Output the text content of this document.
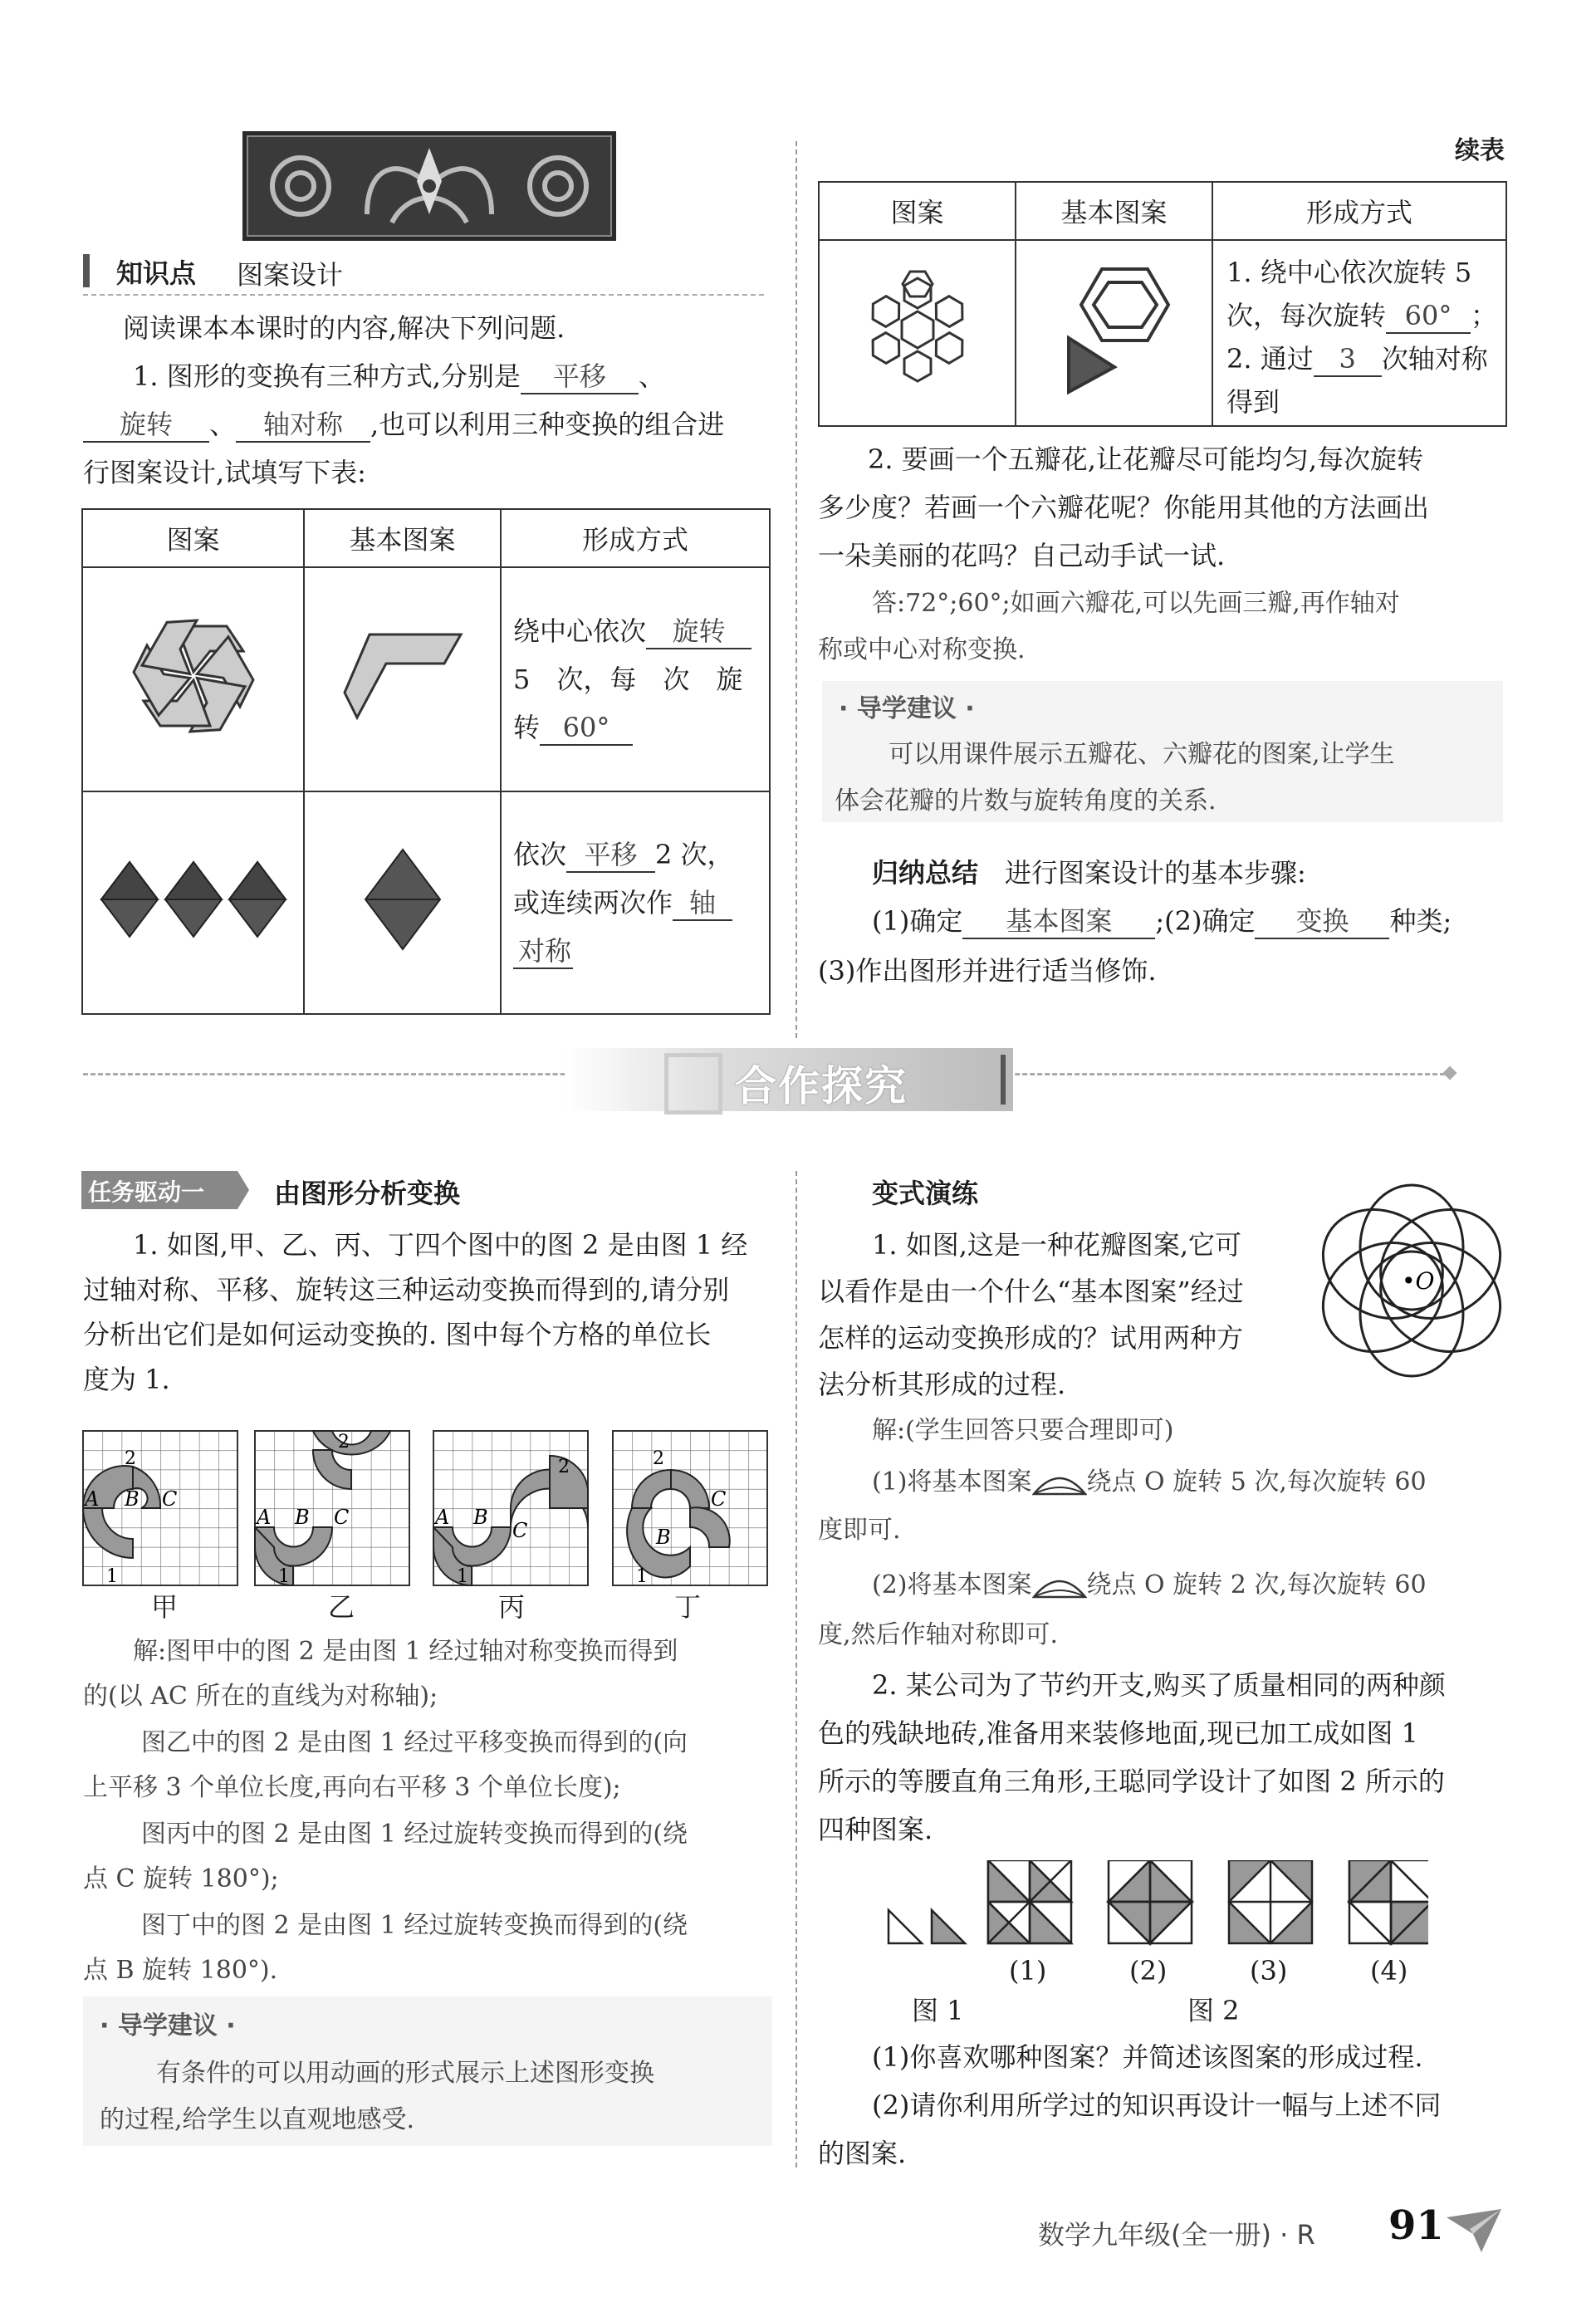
知识点 图案设计
阅读课本本课时的内容,解决下列问题.
1. 图形的变换有三种方式,分别是 平移 、
旋转 、 轴对称 ,也可以利用三种变换的组合进
行图案设计,试填写下表:
图案	基本图案	形成方式

绕中心依次 旋转
5　次，每　次　旋
转 60°

依次 平移 2 次，
或连续两次作 轴
对称
续表
图案	基本图案	形成方式

1. 绕中心依次旋转 5
次，每次旋转 60° ；
2. 通过 3 次轴对称
得到
2. 要画一个五瓣花,让花瓣尽可能均匀,每次旋转
多少度？若画一个六瓣花呢？你能用其他的方法画出
一朵美丽的花吗？自己动手试一试.
答:72°;60°;如画六瓣花,可以先画三瓣,再作轴对
称或中心对称变换.
· 导学建议 ·
可以用课件展示五瓣花、六瓣花的图案,让学生
体会花瓣的片数与旋转角度的关系.
归纳总结　 进行图案设计的基本步骤:
(1)确定 基本图案 ;(2)确定 变换 种类;
(3)作出图形并进行适当修饰.
合作探究
任务驱动一	由图形分析变换
1. 如图,甲、乙、丙、丁四个图中的图 2 是由图 1 经
过轴对称、平移、旋转这三种运动变换而得到的,请分别
分析出它们是如何运动变换的. 图中每个方格的单位长
度为 1.
A B C
2
1
A B C
2
1
A B
C
2
1
B
C
2
1
甲	乙	丙	丁
解:图甲中的图 2 是由图 1 经过轴对称变换而得到
的(以 AC 所在的直线为对称轴);
图乙中的图 2 是由图 1 经过平移变换而得到的(向
上平移 3 个单位长度,再向右平移 3 个单位长度);
图丙中的图 2 是由图 1 经过旋转变换而得到的(绕
点 C 旋转 180°);
图丁中的图 2 是由图 1 经过旋转变换而得到的(绕
点 B 旋转 180°).
· 导学建议 ·
有条件的可以用动画的形式展示上述图形变换
的过程,给学生以直观地感受.
变式演练
1. 如图,这是一种花瓣图案,它可
以看作是由一个什么“基本图案”经过
怎样的运动变换形成的？试用两种方
法分析其形成的过程.
•O
解:(学生回答只要合理即可)
(1)将基本图案 绕点 O 旋转 5 次,每次旋转 60
度即可.
(2)将基本图案 绕点 O 旋转 2 次,每次旋转 60
度,然后作轴对称即可.
2. 某公司为了节约开支,购买了质量相同的两种颜
色的残缺地砖,准备用来装修地面,现已加工成如图 1
所示的等腰直角三角形,王聪同学设计了如图 2 所示的
四种图案.
(1)	(2)	(3)	(4)
图 1	图 2
(1)你喜欢哪种图案？并简述该图案的形成过程.
(2)请你利用所学过的知识再设计一幅与上述不同
的图案.
数学九年级(全一册) · R 91
